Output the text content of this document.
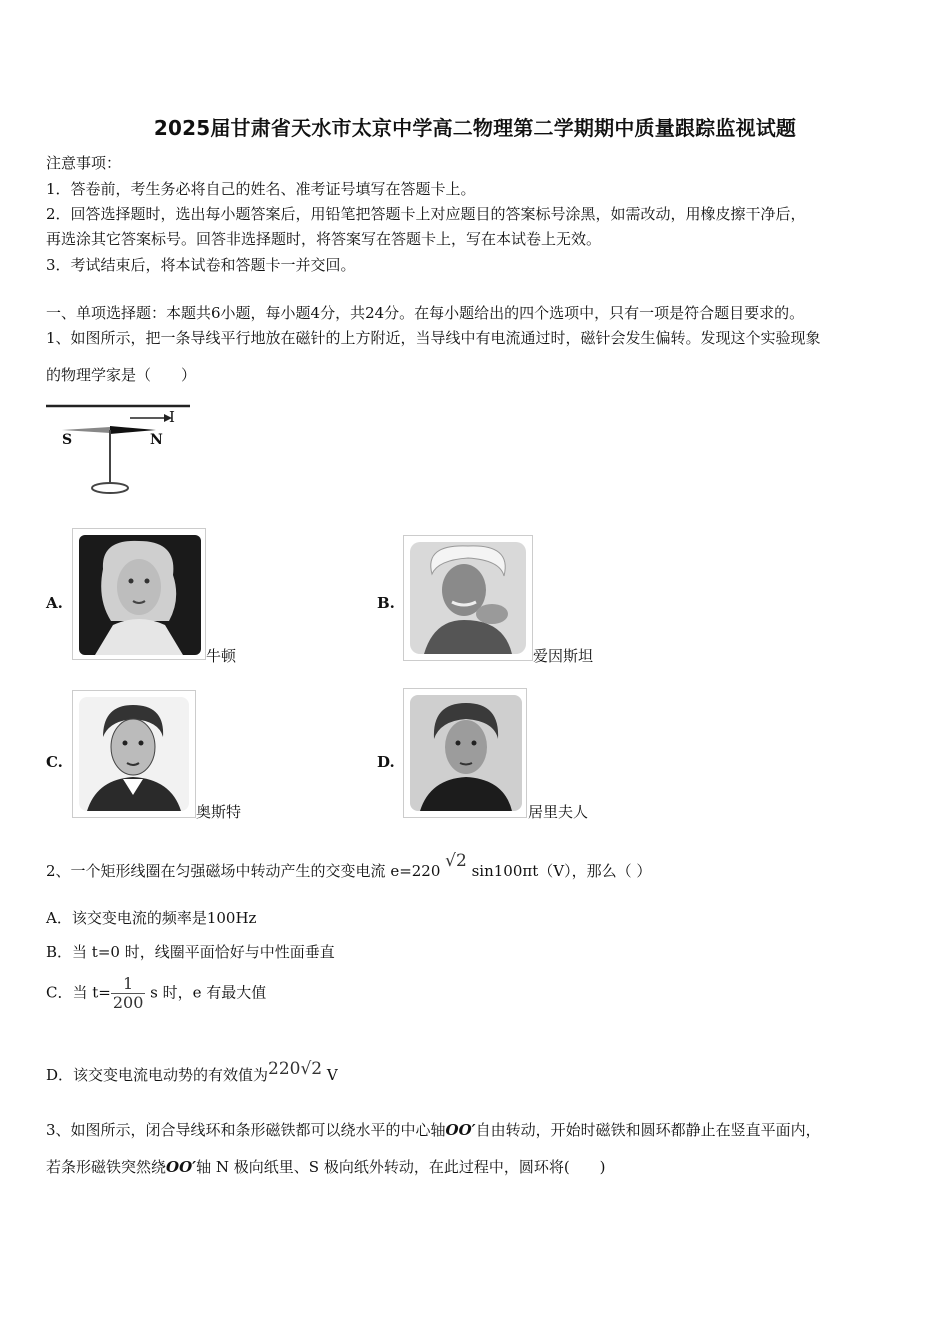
2025届甘肃省天水市太京中学高二物理第二学期期中质量跟踪监视试题
注意事项：
1．答卷前，考生务必将自己的姓名、准考证号填写在答题卡上。
2．回答选择题时，选出每小题答案后，用铅笔把答题卡上对应题目的答案标号涂黑，如需改动，用橡皮擦干净后，
再选涂其它答案标号。回答非选择题时，将答案写在答题卡上，写在本试卷上无效。
3．考试结束后，将本试卷和答题卡一并交回。
一、单项选择题：本题共6小题，每小题4分，共24分。在每小题给出的四个选项中，只有一项是符合题目要求的。
1、如图所示，把一条导线平行地放在磁针的上方附近，当导线中有电流通过时，磁针会发生偏转。发现这个实验现象
的物理学家是（　　）
I
S	N
A.
牛顿
B.
爱因斯坦
C.
奥斯特
D.
居里夫人
2、一个矩形线圈在匀强磁场中转动产生的交变电流 e=220 √2 sin100πt（V），那么（ ）
A．该交变电流的频率是100Hz
B．当 t=0 时，线圈平面恰好与中性面垂直
C．当 $t= \frac{1}{200}$ s 时，e 有最大值
D．该交变电流电动势的有效值为220√2 V
3、如图所示，闭合导线环和条形磁铁都可以绕水平的中心轴OO′自由转动，开始时磁铁和圆环都静止在竖直平面内，
若条形磁铁突然绕OO′轴 N 极向纸里、S 极向纸外转动，在此过程中，圆环将(　　)
